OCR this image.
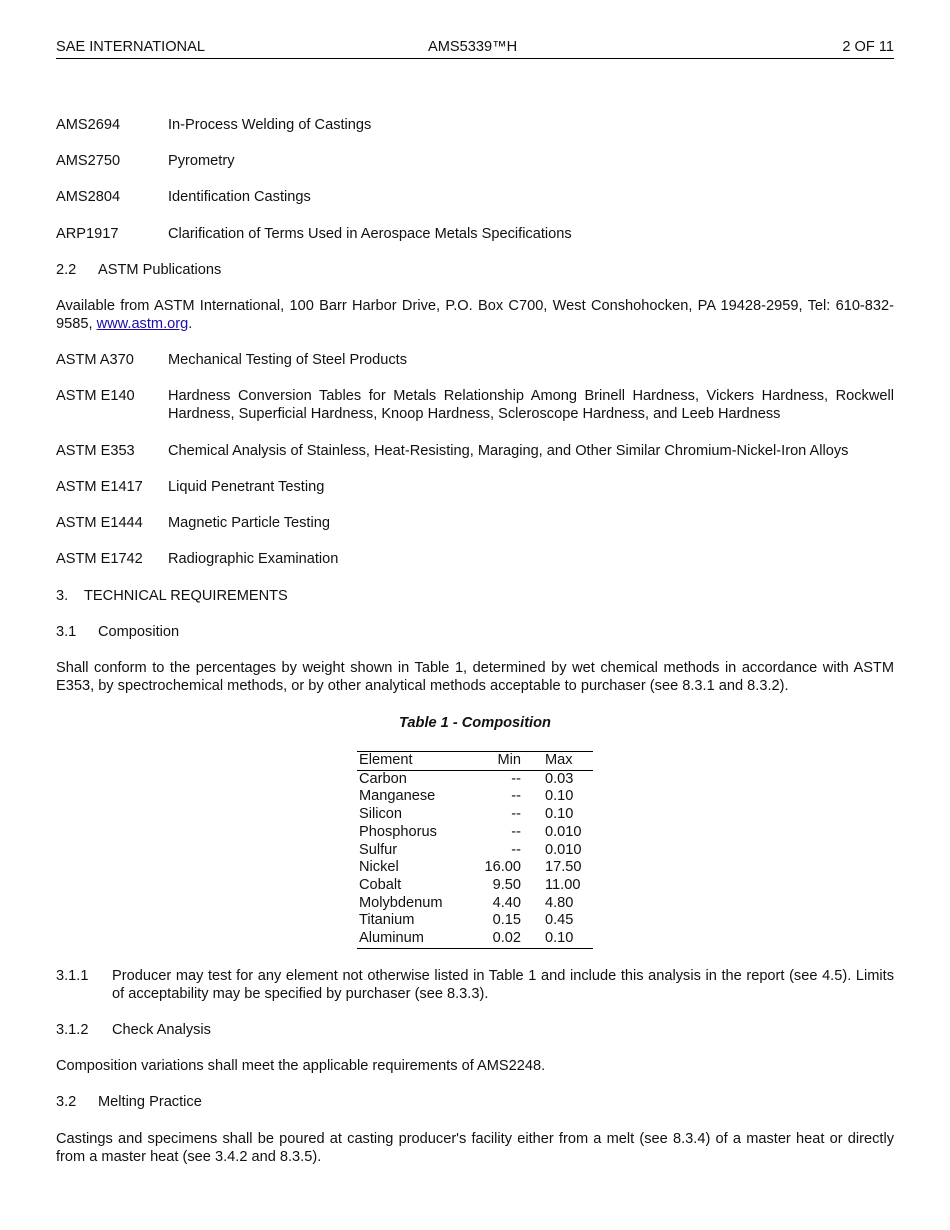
SAE INTERNATIONAL	AMS5339™H	2 OF 11
AMS2694	In-Process Welding of Castings
AMS2750	Pyrometry
AMS2804	Identification Castings
ARP1917	Clarification of Terms Used in Aerospace Metals Specifications
2.2 ASTM Publications
Available from ASTM International, 100 Barr Harbor Drive, P.O. Box C700, West Conshohocken, PA 19428-2959, Tel: 610-832-9585, www.astm.org.
ASTM A370 Mechanical Testing of Steel Products
ASTM E140 Hardness Conversion Tables for Metals Relationship Among Brinell Hardness, Vickers Hardness, Rockwell Hardness, Superficial Hardness, Knoop Hardness, Scleroscope Hardness, and Leeb Hardness
ASTM E353 Chemical Analysis of Stainless, Heat-Resisting, Maraging, and Other Similar Chromium-Nickel-Iron Alloys
ASTM E1417 Liquid Penetrant Testing
ASTM E1444 Magnetic Particle Testing
ASTM E1742 Radiographic Examination
3. TECHNICAL REQUIREMENTS
3.1 Composition
Shall conform to the percentages by weight shown in Table 1, determined by wet chemical methods in accordance with ASTM E353, by spectrochemical methods, or by other analytical methods acceptable to purchaser (see 8.3.1 and 8.3.2).
Table 1 - Composition
Element	Min		Max
Carbon	--		0.03
Manganese	--		0.10
Silicon	--		0.10
Phosphorus	--		0.010
Sulfur	--		0.010
Nickel	16.00		17.50
Cobalt	9.50		11.00
Molybdenum	4.40		4.80
Titanium	0.15		0.45
Aluminum	0.02		0.10
3.1.1 Producer may test for any element not otherwise listed in Table 1 and include this analysis in the report (see 4.5). Limits of acceptability may be specified by purchaser (see 8.3.3).
3.1.2 Check Analysis
Composition variations shall meet the applicable requirements of AMS2248.
3.2 Melting Practice
Castings and specimens shall be poured at casting producer's facility either from a melt (see 8.3.4) of a master heat or directly from a master heat (see 3.4.2 and 8.3.5).
